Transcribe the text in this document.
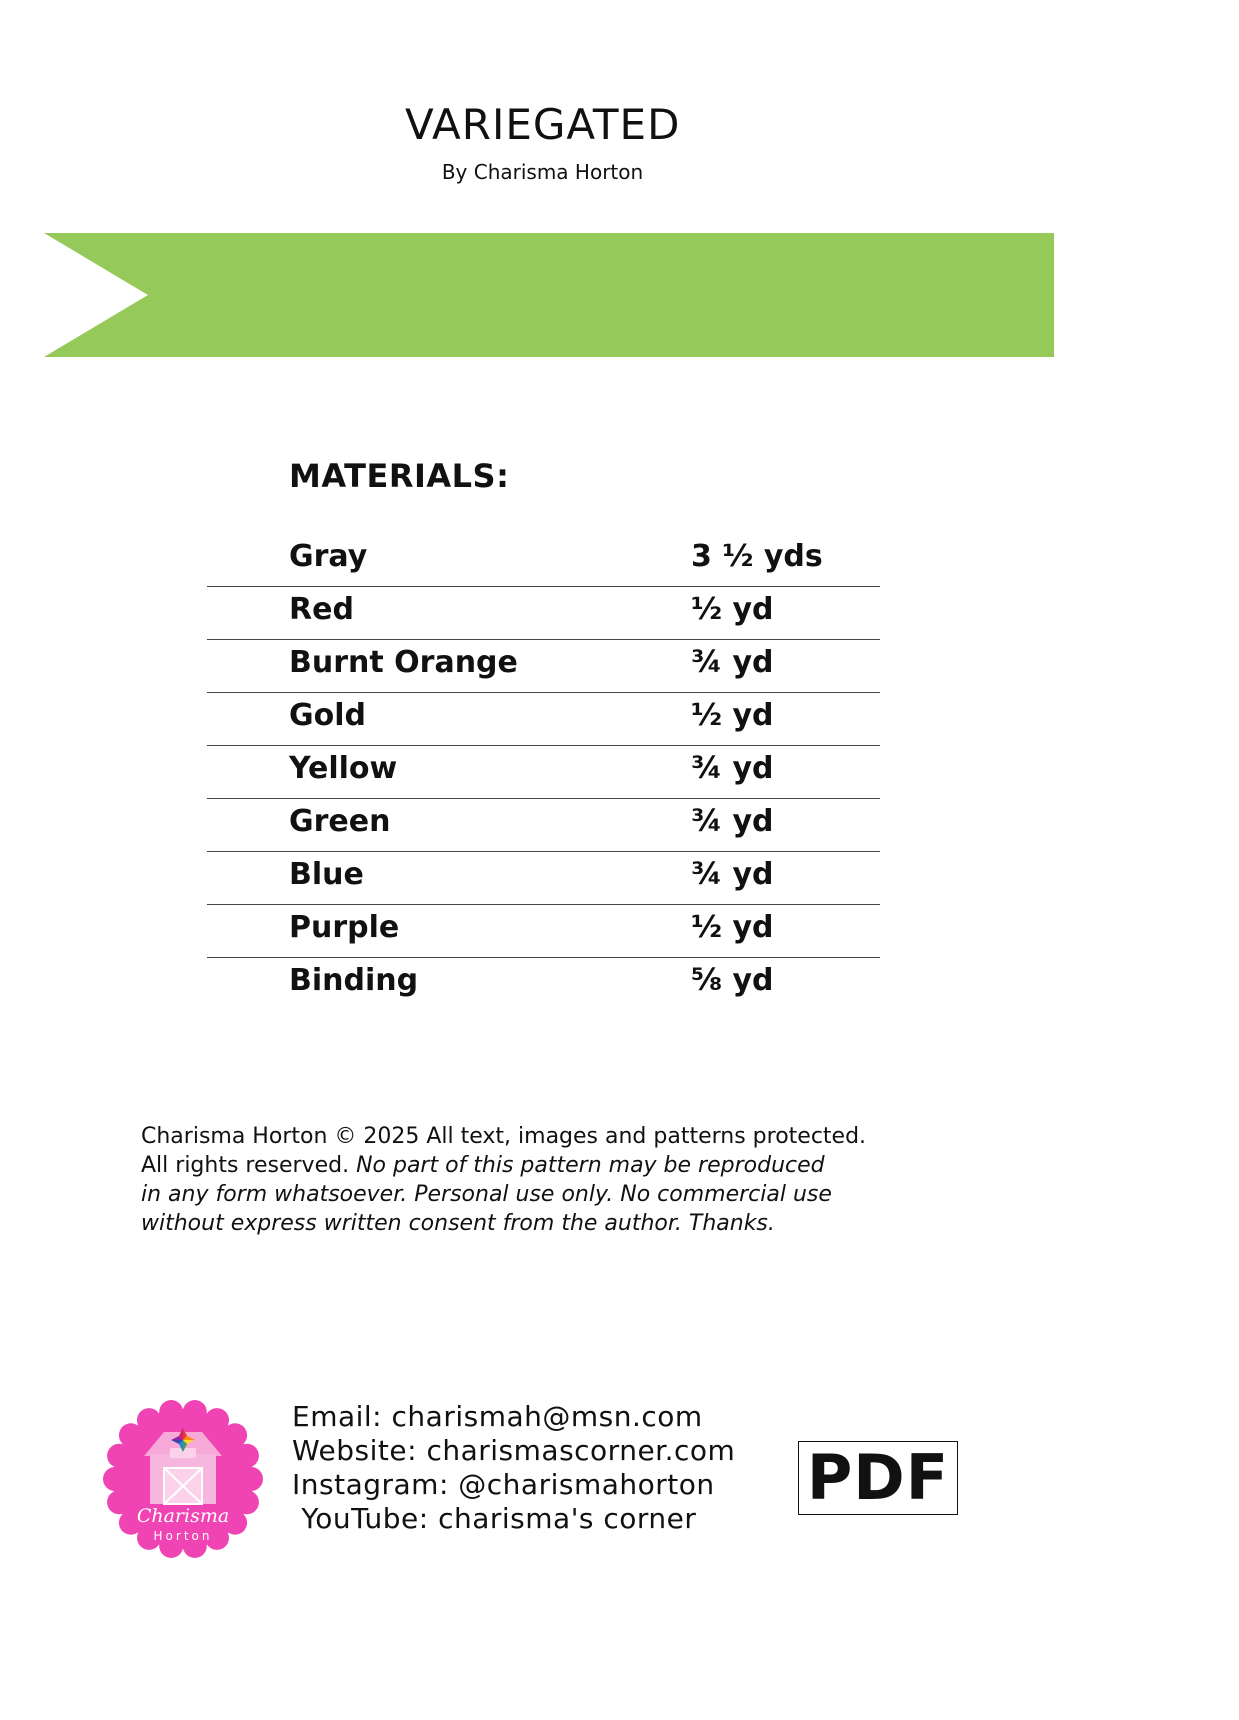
VARIEGATED
By Charisma Horton
MATERIALS:
Gray	3 ½ yds
Red	½ yd
Burnt Orange	¾ yd
Gold	½ yd
Yellow	¾ yd
Green	¾ yd
Blue	¾ yd
Purple	½ yd
Binding	⅝ yd
Charisma Horton © 2025 All text, images and patterns protected.
All rights reserved. No part of this pattern may be reproduced
in any form whatsoever. Personal use only. No commercial use
without express written consent from the author. Thanks.
Charisma
Horton
Email: charismah@msn.com
Website: charismascorner.com
Instagram: @charismahorton
YouTube: charisma's corner
PDF
